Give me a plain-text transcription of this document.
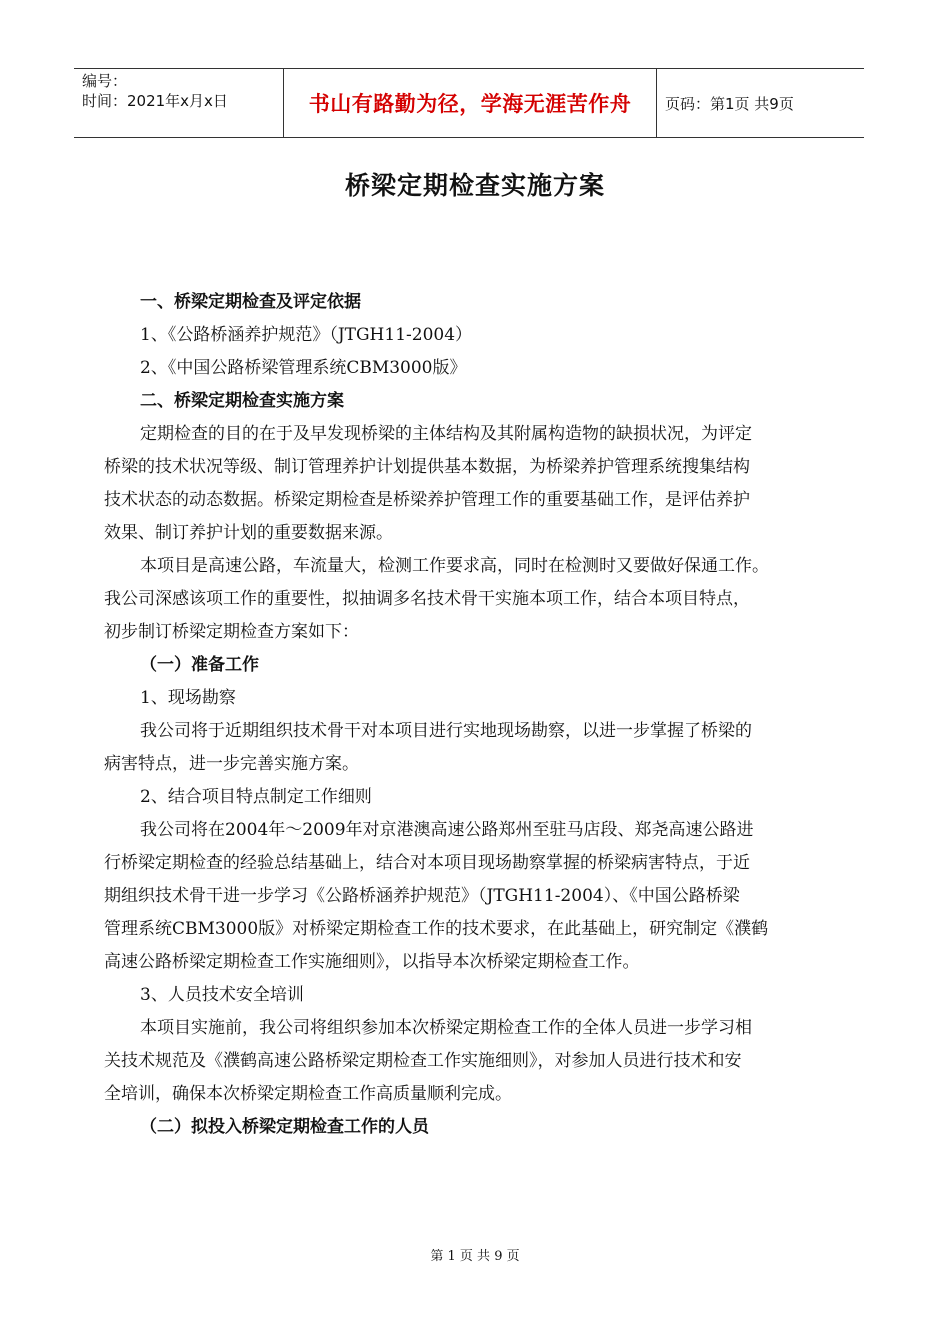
编号：
时间：2021年x月x日	书山有路勤为径，学海无涯苦作舟 页码：第1页 共9页
桥梁定期检查实施方案
一、桥梁定期检查及评定依据
1、《公路桥涵养护规范》（JTGH11-2004）
2、《中国公路桥梁管理系统CBM3000版》
二、桥梁定期检查实施方案
定期检查的目的在于及早发现桥梁的主体结构及其附属构造物的缺损状况，为评定
桥梁的技术状况等级、制订管理养护计划提供基本数据，为桥梁养护管理系统搜集结构
技术状态的动态数据。桥梁定期检查是桥梁养护管理工作的重要基础工作，是评估养护
效果、制订养护计划的重要数据来源。
本项目是高速公路，车流量大，检测工作要求高，同时在检测时又要做好保通工作。
我公司深感该项工作的重要性，拟抽调多名技术骨干实施本项工作，结合本项目特点，
初步制订桥梁定期检查方案如下：
（一）准备工作
1、现场勘察
我公司将于近期组织技术骨干对本项目进行实地现场勘察，以进一步掌握了桥梁的
病害特点，进一步完善实施方案。
2、结合项目特点制定工作细则
我公司将在2004年～2009年对京港澳高速公路郑州至驻马店段、郑尧高速公路进
行桥梁定期检查的经验总结基础上，结合对本项目现场勘察掌握的桥梁病害特点，于近
期组织技术骨干进一步学习《公路桥涵养护规范》（JTGH11-2004）、《中国公路桥梁
管理系统CBM3000版》对桥梁定期检查工作的技术要求，在此基础上，研究制定《濮鹤
高速公路桥梁定期检查工作实施细则》，以指导本次桥梁定期检查工作。
3、人员技术安全培训
本项目实施前，我公司将组织参加本次桥梁定期检查工作的全体人员进一步学习相
关技术规范及《濮鹤高速公路桥梁定期检查工作实施细则》，对参加人员进行技术和安
全培训，确保本次桥梁定期检查工作高质量顺利完成。
（二）拟投入桥梁定期检查工作的人员
第 1 页 共 9 页
